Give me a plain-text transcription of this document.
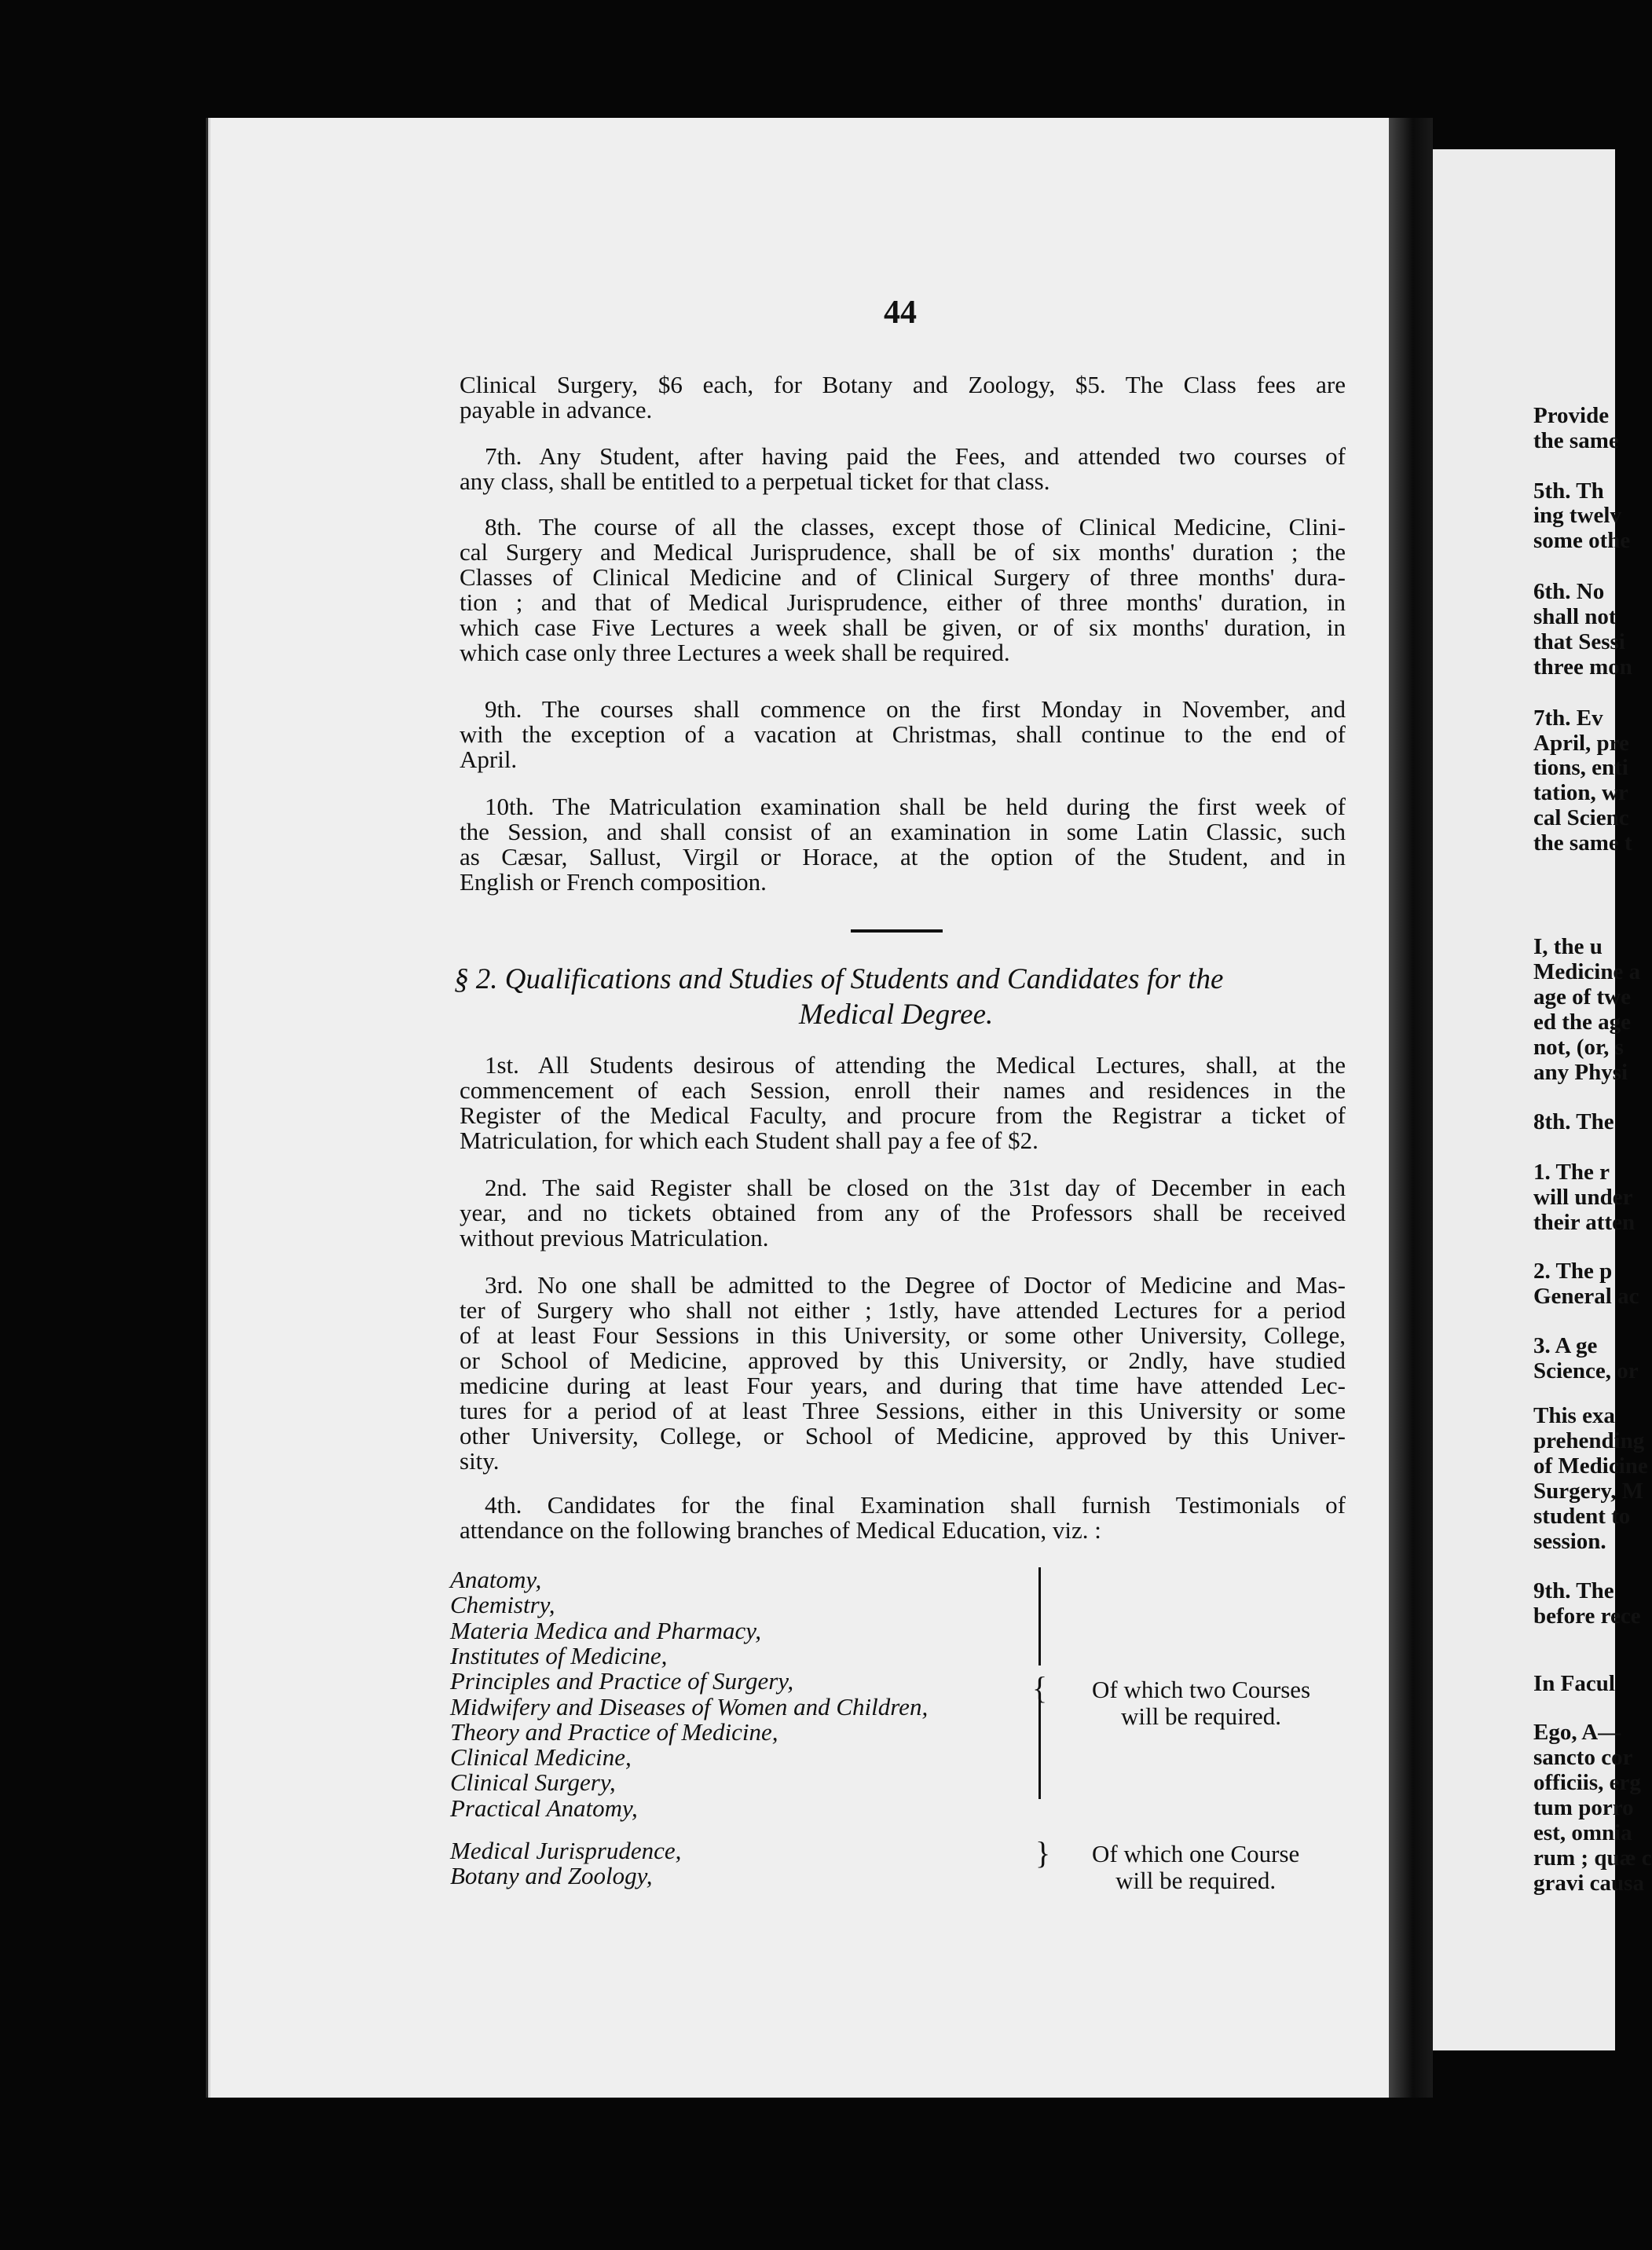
44
Clinical Surgery, $6 each, for Botany and Zoology, $5. The Class fees are
payable in advance.
7th. Any Student, after having paid the Fees, and attended two courses of
any class, shall be entitled to a perpetual ticket for that class.
8th. The course of all the classes, except those of Clinical Medicine, Clini-
cal Surgery and Medical Jurisprudence, shall be of six months' duration ; the
Classes of Clinical Medicine and of Clinical Surgery of three months' dura-
tion ; and that of Medical Jurisprudence, either of three months' duration, in
which case Five Lectures a week shall be given, or of six months' duration, in
which case only three Lectures a week shall be required.
9th. The courses shall commence on the first Monday in November, and
with the exception of a vacation at Christmas, shall continue to the end of
April.
10th. The Matriculation examination shall be held during the first week of
the Session, and shall consist of an examination in some Latin Classic, such
as Cæsar, Sallust, Virgil or Horace, at the option of the Student, and in
English or French composition.
§ 2. Qualifications and Studies of Students and Candidates for the
Medical Degree.
1st. All Students desirous of attending the Medical Lectures, shall, at the
commencement of each Session, enroll their names and residences in the
Register of the Medical Faculty, and procure from the Registrar a ticket of
Matriculation, for which each Student shall pay a fee of $2.
2nd. The said Register shall be closed on the 31st day of December in each
year, and no tickets obtained from any of the Professors shall be received
without previous Matriculation.
3rd. No one shall be admitted to the Degree of Doctor of Medicine and Mas-
ter of Surgery who shall not either ; 1stly, have attended Lectures for a period
of at least Four Sessions in this University, or some other University, College,
or School of Medicine, approved by this University, or 2ndly, have studied
medicine during at least Four years, and during that time have attended Lec-
tures for a period of at least Three Sessions, either in this University or some
other University, College, or School of Medicine, approved by this Univer-
sity.
4th. Candidates for the final Examination shall furnish Testimonials of
attendance on the following branches of Medical Education, viz. :
Anatomy,
Chemistry,
Materia Medica and Pharmacy,
Institutes of Medicine,
Principles and Practice of Surgery,
Midwifery and Diseases of Women and Children,
Theory and Practice of Medicine,
Clinical Medicine,
Clinical Surgery,
Practical Anatomy,
Medical Jurisprudence,
Botany and Zoology,
{
}
Of which two Courses
will be required.
Of which one Course
will be required.
Provide
the same
5th. Th
ing twelv
some othe
6th. No
shall not
that Sessi
three mon
7th. Ev
April, pre
tions, enti
tation, wr
cal Scienc
the same t
I, the u
Medicine a
age of twe
ed the age
not, (or, s
any Physi
8th. The
1. The r
will under
their atten
2. The p
General ac
3. A ge
Science, or
This exa
prehending
of Medicine
Surgery, M
student to
session.
9th. The
before rece
In Facul
Ego, A—
sancto cor
officiis, erg
tum porro
est, omnia
rum ; quæ c
gravi causa
